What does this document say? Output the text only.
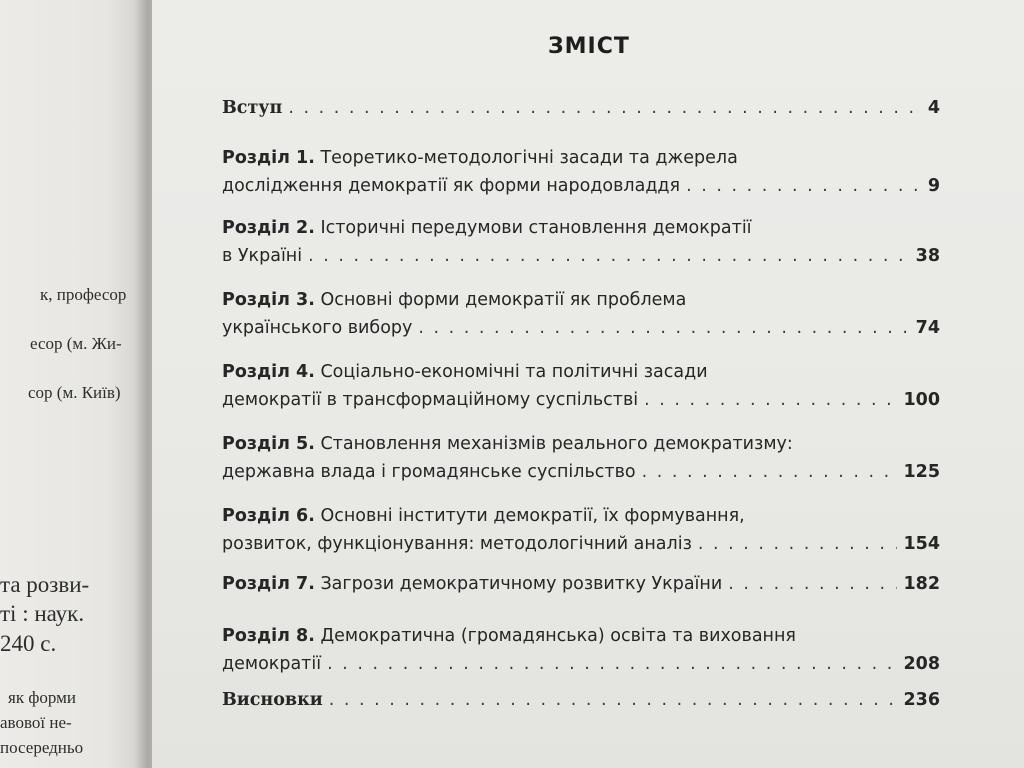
к, професор
есор (м. Жи-
сор (м. Київ)
та розви-
ті : наук.
240 с.
як форми
авової не-
посередньо
ЗМІСТ
Вступ . . .	4
Розділ 1. Теоретико-методологічні засади та джерела
дослідження демократії як форми народовладдя . . .	9
Розділ 2. Історичні передумови становлення демократії
в Україні . . .	38
Розділ 3. Основні форми демократії як проблема
українського вибору . . .	74
Розділ 4. Соціально-економічні та політичні засади
демократії в трансформаційному суспільстві . . .	100
Розділ 5. Становлення механізмів реального демократизму:
державна влада і громадянське суспільство . . .	125
Розділ 6. Основні інститути демократії, їх формування,
розвиток, функціонування: методологічний аналіз . . .	154
Розділ 7. Загрози демократичному розвитку України . . .	182
Розділ 8. Демократична (громадянська) освіта та виховання
демократії . . .	208
Висновки . . .	236
